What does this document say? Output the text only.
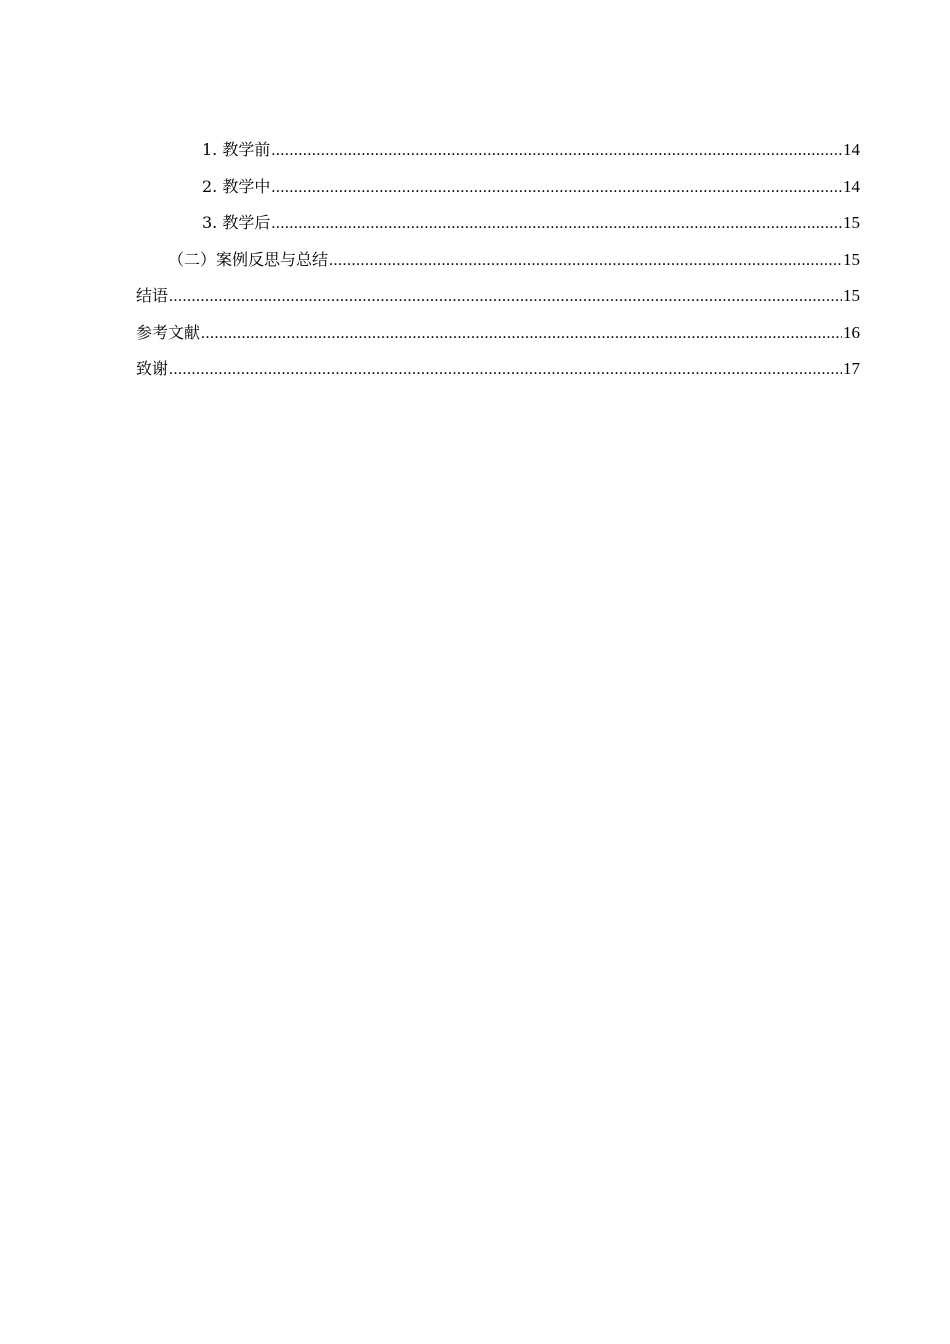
1. 教学前 .....	14
2. 教学中 .....	14
3. 教学后 .....	15
（二）案例反思与总结 .....	15
结语 .....	15
参考文献 .....	16
致谢 .....	17
